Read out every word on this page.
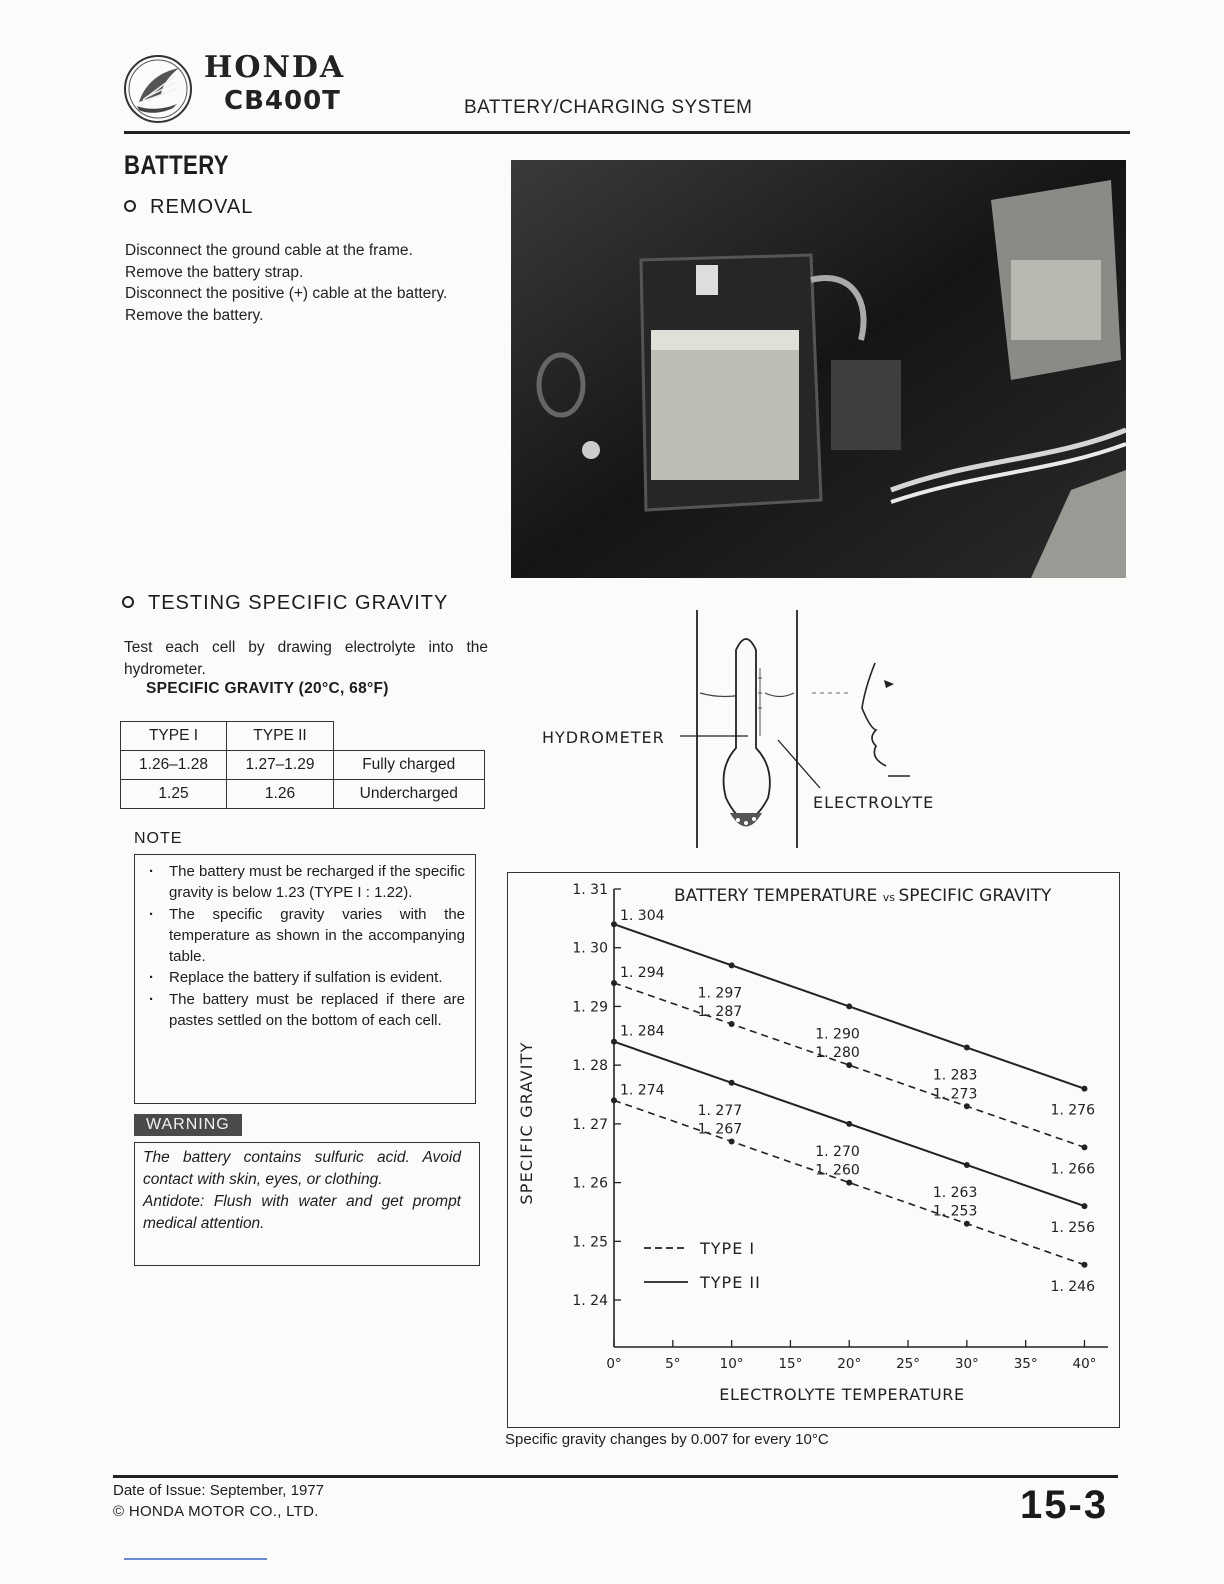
HONDA
CB400T	BATTERY/CHARGING SYSTEM
BATTERY
REMOVAL
Disconnect the ground cable at the frame.
Remove the battery strap.
Disconnect the positive (+) cable at the battery.
Remove the battery.
TESTING SPECIFIC GRAVITY
Test each cell by drawing electrolyte into the hydrometer.
SPECIFIC GRAVITY (20°C, 68°F)
TYPE I	TYPE II	
1.26–1.28	1.27–1.29	Fully charged
1.25	1.26	Undercharged
NOTE
· The battery must be recharged if the specific gravity is below 1.23 (TYPE I : 1.22).
· The specific gravity varies with the temperature as shown in the accompanying table.
· Replace the battery if sulfation is evident.
· The battery must be replaced if there are pastes settled on the bottom of each cell.
WARNING
The battery contains sulfuric acid. Avoid contact with skin, eyes, or clothing.
Antidote: Flush with water and get prompt medical attention.
HYDROMETER
ELECTROLYTE
BATTERY TEMPERATURE vs SPECIFIC GRAVITY
SPECIFIC GRAVITY
ELECTROLYTE TEMPERATURE
1. 24
1. 25
1. 26
1. 27
1. 28
1. 29
1. 30
1. 31
0°	5°	10°	15°	20°	25°	30°	35°	40°
1. 304
1. 297
1. 290
1. 283
1. 276
1. 294
1. 287
1. 280
1. 273
1. 266
1. 284
1. 277
1. 270
1. 263
1. 256
1. 274
1. 267
1. 260
1. 253
1. 246
TYPE I
TYPE II
Specific gravity changes by 0.007 for every 10°C
Date of Issue: September, 1977
© HONDA MOTOR CO., LTD.	15-3
